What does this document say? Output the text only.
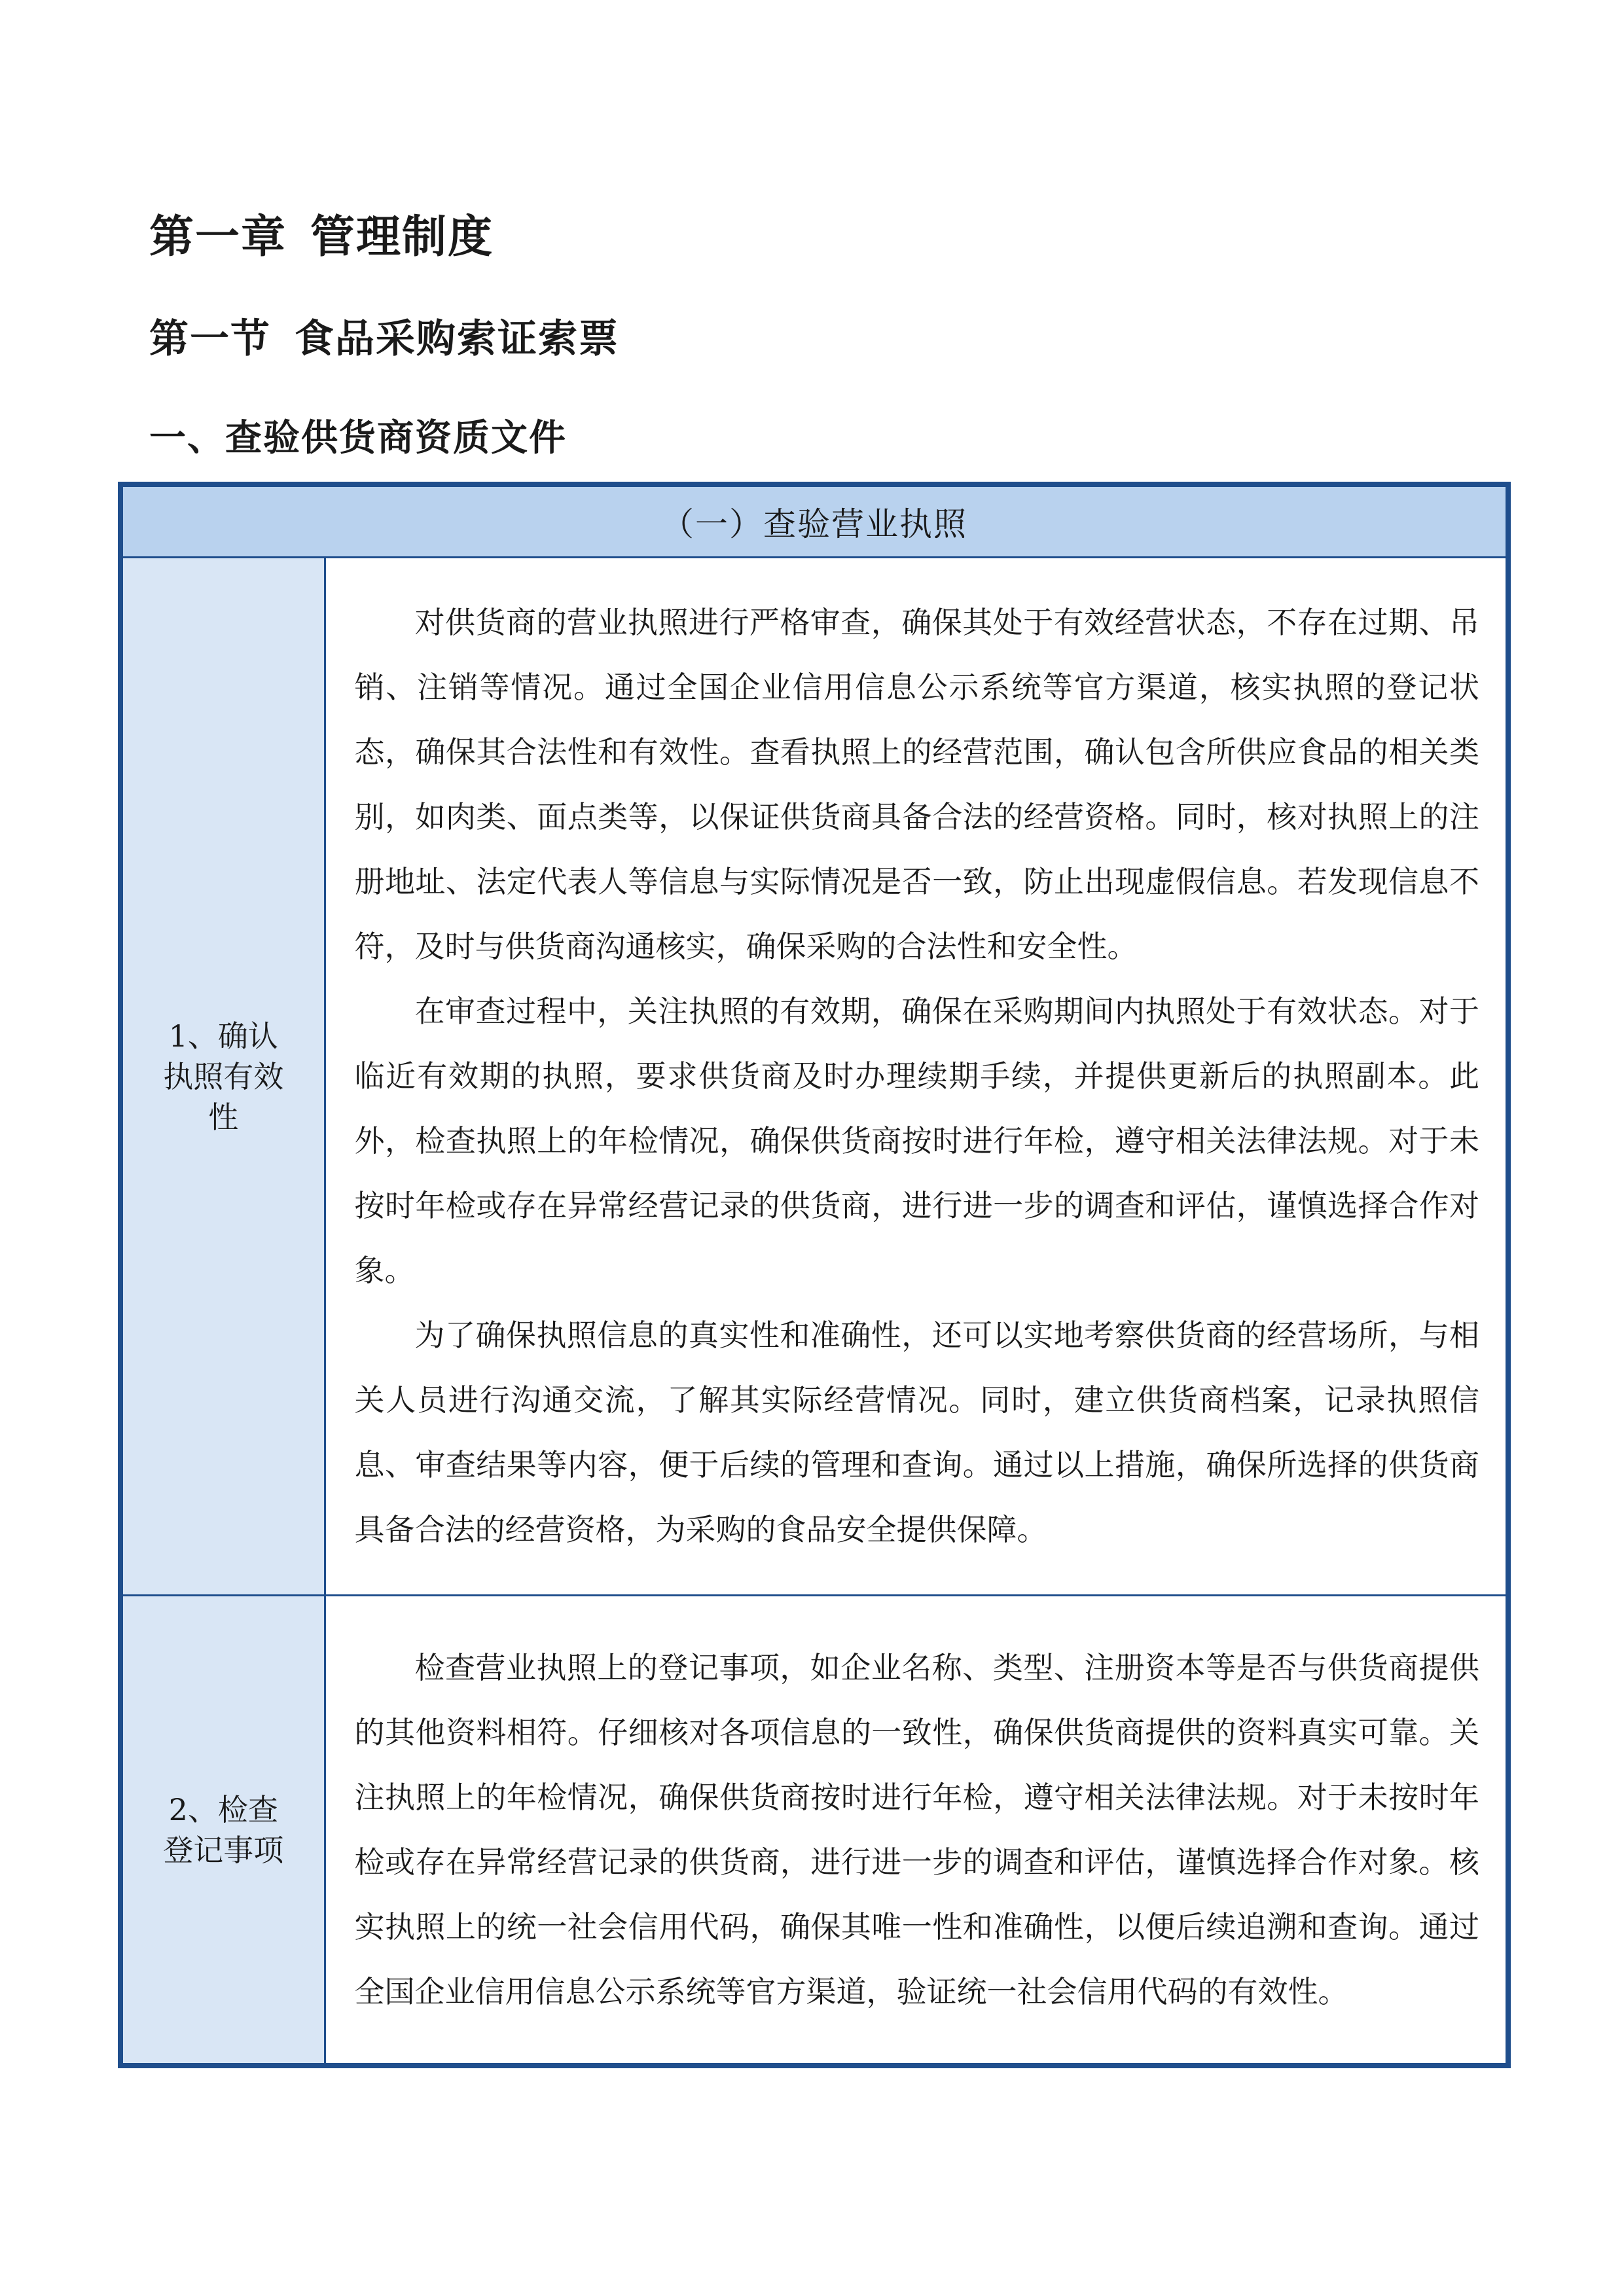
第一章 管理制度
第一节 食品采购索证索票
一、查验供货商资质文件
（一）查验营业执照	
1、确认执照有效性	对供货商的营业执照进行严格审查，确保其处于有效经营状态，不存在过期、吊销、注销等情况。通过全国企业信用信息公示系统等官方渠道，核实执照的登记状态，确保其合法性和有效性。查看执照上的经营范围，确认包含所供应食品的相关类别，如肉类、面点类等，以保证供货商具备合法的经营资格。同时，核对执照上的注册地址、法定代表人等信息与实际情况是否一致，防止出现虚假信息。若发现信息不符，及时与供货商沟通核实，确保采购的合法性和安全性。

在审查过程中，关注执照的有效期，确保在采购期间内执照处于有效状态。对于临近有效期的执照，要求供货商及时办理续期手续，并提供更新后的执照副本。此外，检查执照上的年检情况，确保供货商按时进行年检，遵守相关法律法规。对于未按时年检或存在异常经营记录的供货商，进行进一步的调查和评估，谨慎选择合作对象。

为了确保执照信息的真实性和准确性，还可以实地考察供货商的经营场所，与相关人员进行沟通交流，了解其实际经营情况。同时，建立供货商档案，记录执照信息、审查结果等内容，便于后续的管理和查询。通过以上措施，确保所选择的供货商具备合法的经营资格，为采购的食品安全提供保障。

2、检查登记事项	检查营业执照上的登记事项，如企业名称、类型、注册资本等是否与供货商提供的其他资料相符。仔细核对各项信息的一致性，确保供货商提供的资料真实可靠。关注执照上的年检情况，确保供货商按时进行年检，遵守相关法律法规。对于未按时年检或存在异常经营记录的供货商，进行进一步的调查和评估，谨慎选择合作对象。核实执照上的统一社会信用代码，确保其唯一性和准确性，以便后续追溯和查询。通过全国企业信用信息公示系统等官方渠道，验证统一社会信用代码的有效性。
